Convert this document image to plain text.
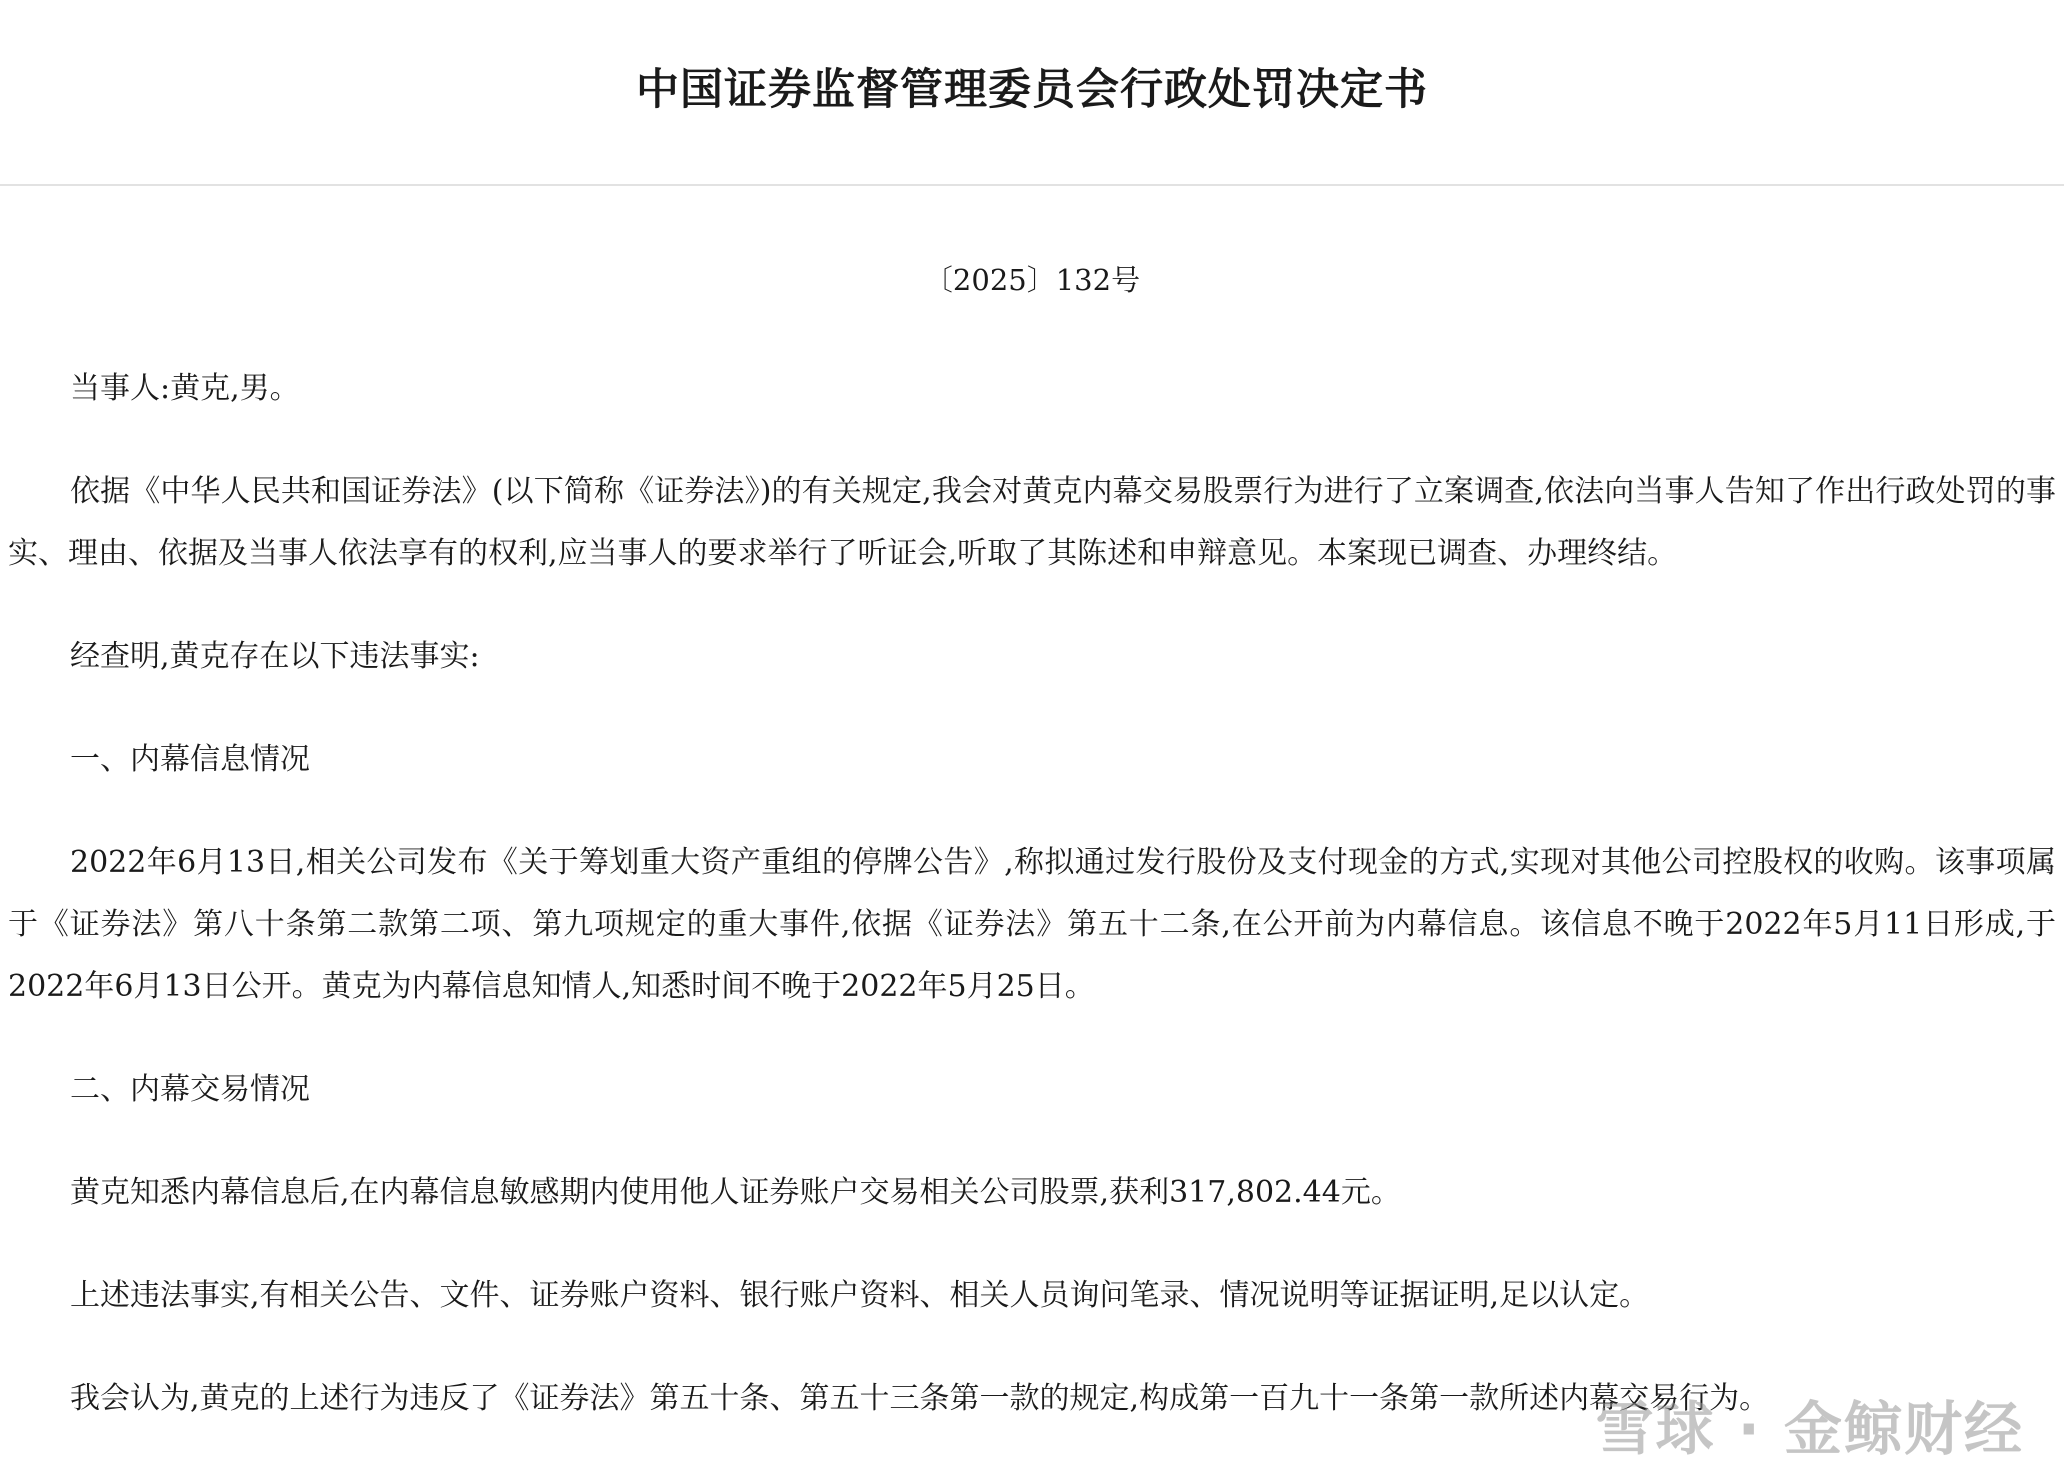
中国证券监督管理委员会行政处罚决定书
〔2025〕132号

当事人:黄克,男。

依据《中华人民共和国证券法》(以下简称《证券法》)的有关规定,我会对黄克内幕交易股票行为进行了立案调查,依法向当事人告知了作出行政处罚的事实、理由、依据及当事人依法享有的权利,应当事人的要求举行了听证会,听取了其陈述和申辩意见。本案现已调查、办理终结。

经查明,黄克存在以下违法事实:

一、内幕信息情况

2022年6月13日,相关公司发布《关于筹划重大资产重组的停牌公告》,称拟通过发行股份及支付现金的方式,实现对其他公司控股权的收购。该事项属于《证券法》第八十条第二款第二项、第九项规定的重大事件,依据《证券法》第五十二条,在公开前为内幕信息。该信息不晚于2022年5月11日形成,于2022年6月13日公开。黄克为内幕信息知情人,知悉时间不晚于2022年5月25日。

二、内幕交易情况

黄克知悉内幕信息后,在内幕信息敏感期内使用他人证券账户交易相关公司股票,获利317,802.44元。

上述违法事实,有相关公告、文件、证券账户资料、银行账户资料、相关人员询问笔录、情况说明等证据证明,足以认定。

我会认为,黄克的上述行为违反了《证券法》第五十条、第五十三条第一款的规定,构成第一百九十一条第一款所述内幕交易行为。

雪球 · 金鲸财经
